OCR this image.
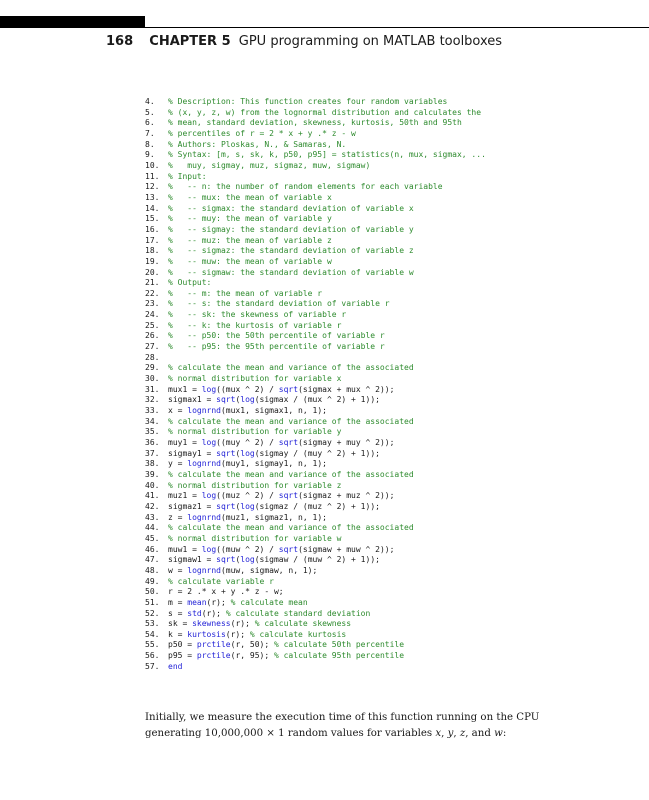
168 CHAPTER 5 GPU programming on MATLAB toolboxes
4.	% Description: This function creates four random variables
5.	% (x, y, z, w) from the lognormal distribution and calculates the
6.	% mean, standard deviation, skewness, kurtosis, 50th and 95th
7.	% percentiles of r = 2 * x + y .* z - w
8.	% Authors: Ploskas, N., & Samaras, N.
9.	% Syntax: [m, s, sk, k, p50, p95] = statistics(n, mux, sigmax, ...
10.	%   muy, sigmay, muz, sigmaz, muw, sigmaw)
11.	% Input:
12.	%   -- n: the number of random elements for each variable
13.	%   -- mux: the mean of variable x
14.	%   -- sigmax: the standard deviation of variable x
15.	%   -- muy: the mean of variable y
16.	%   -- sigmay: the standard deviation of variable y
17.	%   -- muz: the mean of variable z
18.	%   -- sigmaz: the standard deviation of variable z
19.	%   -- muw: the mean of variable w
20.	%   -- sigmaw: the standard deviation of variable w
21.	% Output:
22.	%   -- m: the mean of variable r
23.	%   -- s: the standard deviation of variable r
24.	%   -- sk: the skewness of variable r
25.	%   -- k: the kurtosis of variable r
26.	%   -- p50: the 50th percentile of variable r
27.	%   -- p95: the 95th percentile of variable r
28.
29.	% calculate the mean and variance of the associated
30.	% normal distribution for variable x
31.	mux1 = log((mux ^ 2) / sqrt(sigmax + mux ^ 2));
32.	sigmax1 = sqrt(log(sigmax / (mux ^ 2) + 1));
33.	x = lognrnd(mux1, sigmax1, n, 1);
34.	% calculate the mean and variance of the associated
35.	% normal distribution for variable y
36.	muy1 = log((muy ^ 2) / sqrt(sigmay + muy ^ 2));
37.	sigmay1 = sqrt(log(sigmay / (muy ^ 2) + 1));
38.	y = lognrnd(muy1, sigmay1, n, 1);
39.	% calculate the mean and variance of the associated
40.	% normal distribution for variable z
41.	muz1 = log((muz ^ 2) / sqrt(sigmaz + muz ^ 2));
42.	sigmaz1 = sqrt(log(sigmaz / (muz ^ 2) + 1));
43.	z = lognrnd(muz1, sigmaz1, n, 1);
44.	% calculate the mean and variance of the associated
45.	% normal distribution for variable w
46.	muw1 = log((muw ^ 2) / sqrt(sigmaw + muw ^ 2));
47.	sigmaw1 = sqrt(log(sigmaw / (muw ^ 2) + 1));
48.	w = lognrnd(muw, sigmaw, n, 1);
49.	% calculate variable r
50.	r = 2 .* x + y .* z - w;
51.	m = mean(r); % calculate mean
52.	s = std(r); % calculate standard deviation
53.	sk = skewness(r); % calculate skewness
54.	k = kurtosis(r); % calculate kurtosis
55.	p50 = prctile(r, 50); % calculate 50th percentile
56.	p95 = prctile(r, 95); % calculate 95th percentile
57.	end

Initially, we measure the execution time of this function running on the CPU generating 10,000,000 × 1 random values for variables x, y, z, and w:
